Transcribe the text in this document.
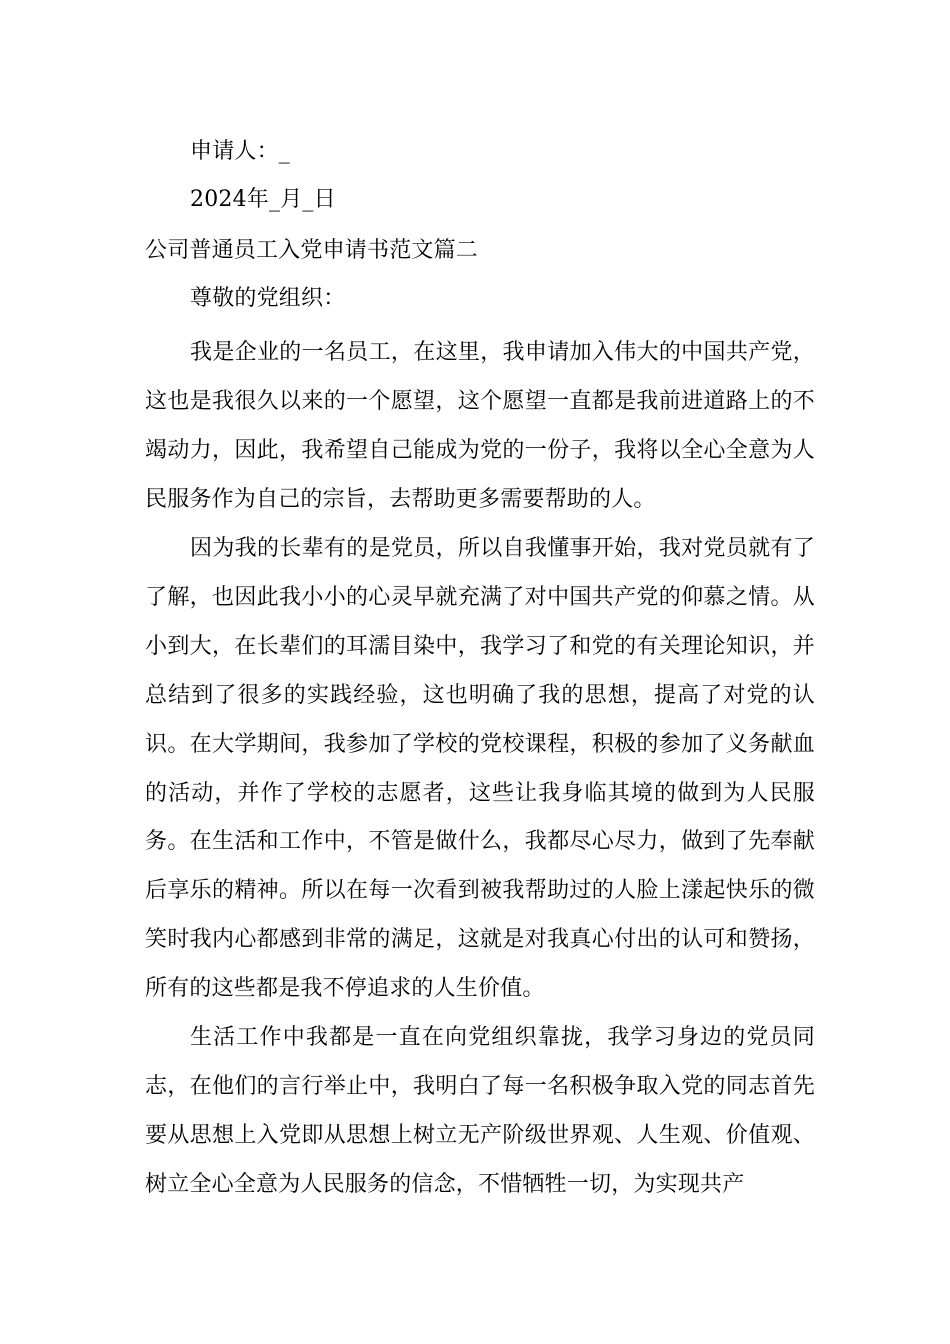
申请人：_
2024年_月_日
公司普通员工入党申请书范文篇二
尊敬的党组织：

我是企业的一名员工，在这里，我申请加入伟大的中国共产党，这也是我很久以来的一个愿望，这个愿望一直都是我前进道路上的不竭动力，因此，我希望自己能成为党的一份子，我将以全心全意为人民服务作为自己的宗旨，去帮助更多需要帮助的人。

因为我的长辈有的是党员，所以自我懂事开始，我对党员就有了了解，也因此我小小的心灵早就充满了对中国共产党的仰慕之情。从小到大，在长辈们的耳濡目染中，我学习了和党的有关理论知识，并总结到了很多的实践经验，这也明确了我的思想，提高了对党的认识。在大学期间，我参加了学校的党校课程，积极的参加了义务献血的活动，并作了学校的志愿者，这些让我身临其境的做到为人民服务。在生活和工作中，不管是做什么，我都尽心尽力，做到了先奉献后享乐的精神。所以在每一次看到被我帮助过的人脸上漾起快乐的微笑时我内心都感到非常的满足，这就是对我真心付出的认可和赞扬，所有的这些都是我不停追求的人生价值。

生活工作中我都是一直在向党组织靠拢，我学习身边的党员同志，在他们的言行举止中，我明白了每一名积极争取入党的同志首先要从思想上入党即从思想上树立无产阶级世界观、人生观、价值观、树立全心全意为人民服务的信念，不惜牺牲一切，为实现共产
